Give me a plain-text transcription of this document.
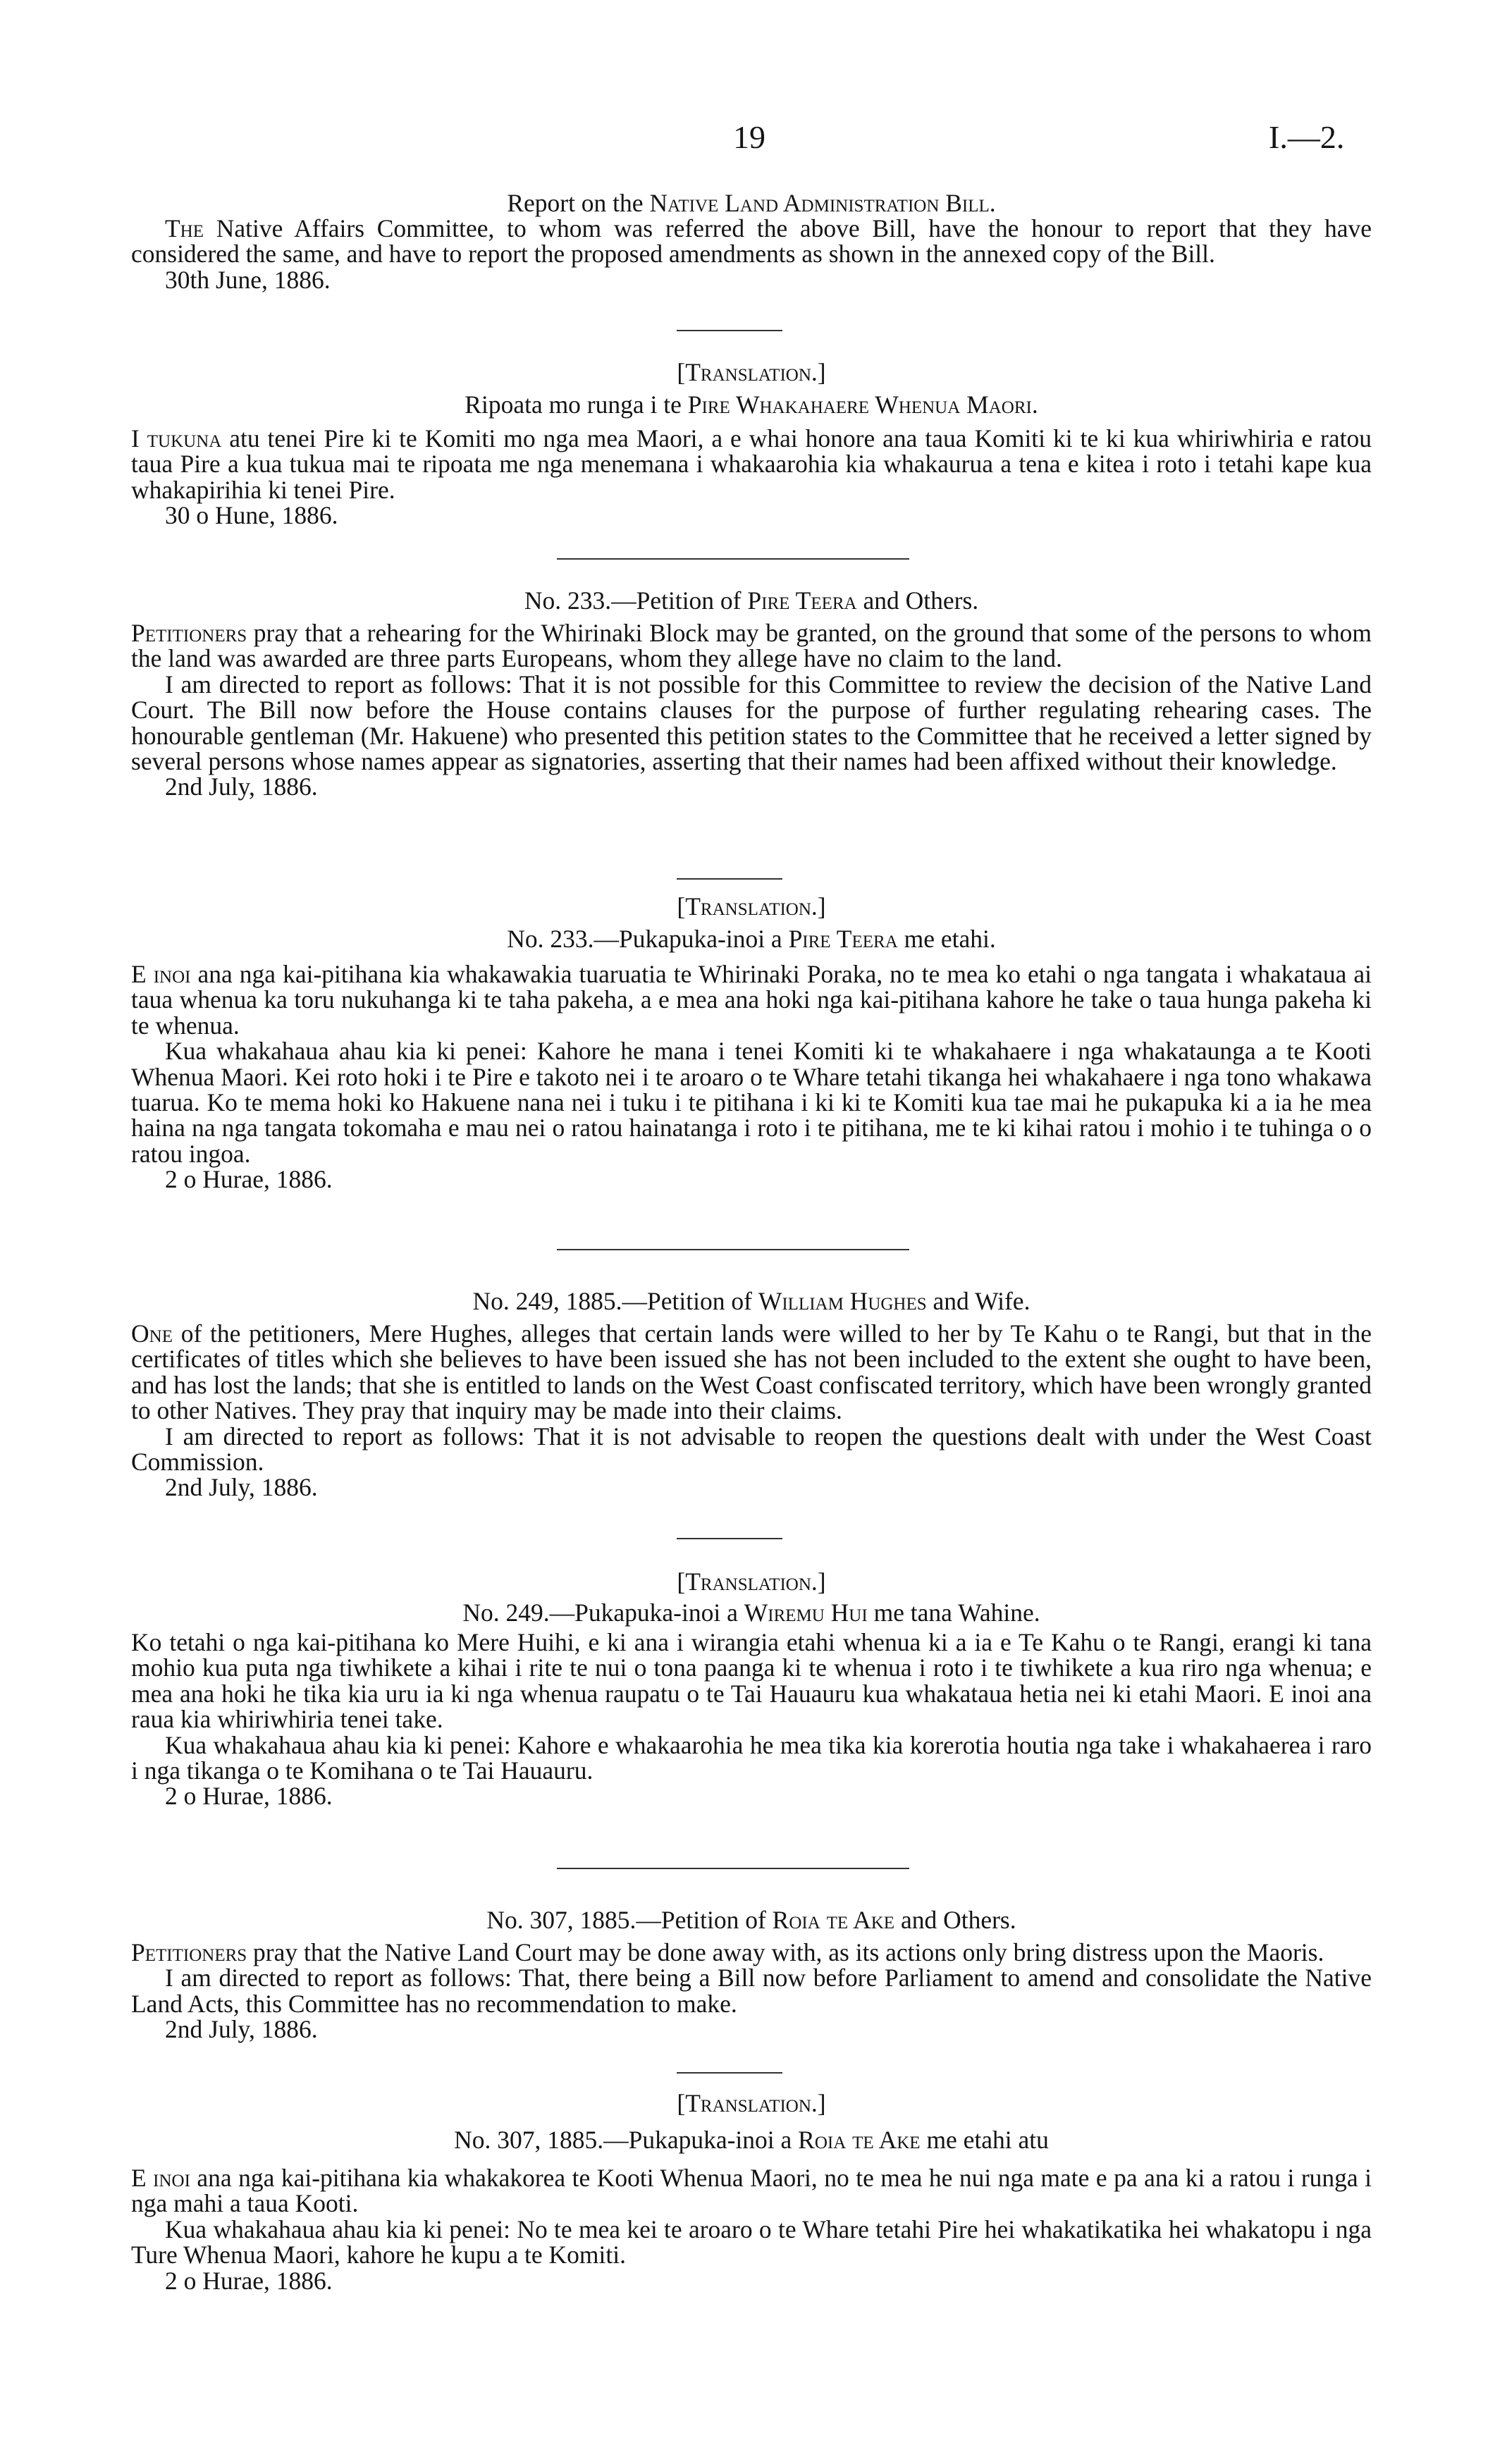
19	I.—2.
Report on the Native Land Administration Bill.

The Native Affairs Committee, to whom was referred the above Bill, have the honour to report that they have considered the same, and have to report the proposed amendments as shown in the annexed copy of the Bill.

30th June, 1886.

[Translation.]
Ripoata mo runga i te Pire Whakahaere Whenua Maori.

I tukuna atu tenei Pire ki te Komiti mo nga mea Maori, a e whai honore ana taua Komiti ki te ki kua whiriwhiria e ratou taua Pire a kua tukua mai te ripoata me nga menemana i whakaarohia kia whakaurua a tena e kitea i roto i tetahi kape kua whakapirihia ki tenei Pire.

30 o Hune, 1886.

No. 233.—Petition of Pire Teera and Others.

Petitioners pray that a rehearing for the Whirinaki Block may be granted, on the ground that some of the persons to whom the land was awarded are three parts Europeans, whom they allege have no claim to the land.

I am directed to report as follows: That it is not possible for this Committee to review the decision of the Native Land Court. The Bill now before the House contains clauses for the purpose of further regulating rehearing cases. The honourable gentleman (Mr. Hakuene) who presented this petition states to the Committee that he received a letter signed by several persons whose names appear as signatories, asserting that their names had been affixed without their knowledge.

2nd July, 1886.

[Translation.]
No. 233.—Pukapuka-inoi a Pire Teera me etahi.

E inoi ana nga kai-pitihana kia whakawakia tuaruatia te Whirinaki Poraka, no te mea ko etahi o nga tangata i whakataua ai taua whenua ka toru nukuhanga ki te taha pakeha, a e mea ana hoki nga kai-pitihana kahore he take o taua hunga pakeha ki te whenua.

Kua whakahaua ahau kia ki penei: Kahore he mana i tenei Komiti ki te whakahaere i nga whakataunga a te Kooti Whenua Maori. Kei roto hoki i te Pire e takoto nei i te aroaro o te Whare tetahi tikanga hei whakahaere i nga tono whakawa tuarua. Ko te mema hoki ko Hakuene nana nei i tuku i te pitihana i ki ki te Komiti kua tae mai he pukapuka ki a ia he mea haina na nga tangata tokomaha e mau nei o ratou hainatanga i roto i te pitihana, me te ki kihai ratou i mohio i te tuhinga o o ratou ingoa.

2 o Hurae, 1886.

No. 249, 1885.—Petition of William Hughes and Wife.

One of the petitioners, Mere Hughes, alleges that certain lands were willed to her by Te Kahu o te Rangi, but that in the certificates of titles which she believes to have been issued she has not been included to the extent she ought to have been, and has lost the lands; that she is entitled to lands on the West Coast confiscated territory, which have been wrongly granted to other Natives. They pray that inquiry may be made into their claims.

I am directed to report as follows: That it is not advisable to reopen the questions dealt with under the West Coast Commission.

2nd July, 1886.

[Translation.]
No. 249.—Pukapuka-inoi a Wiremu Hui me tana Wahine.

Ko tetahi o nga kai-pitihana ko Mere Huihi, e ki ana i wirangia etahi whenua ki a ia e Te Kahu o te Rangi, erangi ki tana mohio kua puta nga tiwhikete a kihai i rite te nui o tona paanga ki te whenua i roto i te tiwhikete a kua riro nga whenua; e mea ana hoki he tika kia uru ia ki nga whenua raupatu o te Tai Hauauru kua whakataua hetia nei ki etahi Maori. E inoi ana raua kia whiriwhiria tenei take.

Kua whakahaua ahau kia ki penei: Kahore e whakaarohia he mea tika kia korerotia houtia nga take i whakahaerea i raro i nga tikanga o te Komihana o te Tai Hauauru.

2 o Hurae, 1886.

No. 307, 1885.—Petition of Roia te Ake and Others.

Petitioners pray that the Native Land Court may be done away with, as its actions only bring distress upon the Maoris.

I am directed to report as follows: That, there being a Bill now before Parliament to amend and consolidate the Native Land Acts, this Committee has no recommendation to make.

2nd July, 1886.

[Translation.]
No. 307, 1885.—Pukapuka-inoi a Roia te Ake me etahi atu

E inoi ana nga kai-pitihana kia whakakorea te Kooti Whenua Maori, no te mea he nui nga mate e pa ana ki a ratou i runga i nga mahi a taua Kooti.

Kua whakahaua ahau kia ki penei: No te mea kei te aroaro o te Whare tetahi Pire hei whakatikatika hei whakatopu i nga Ture Whenua Maori, kahore he kupu a te Komiti.

2 o Hurae, 1886.
